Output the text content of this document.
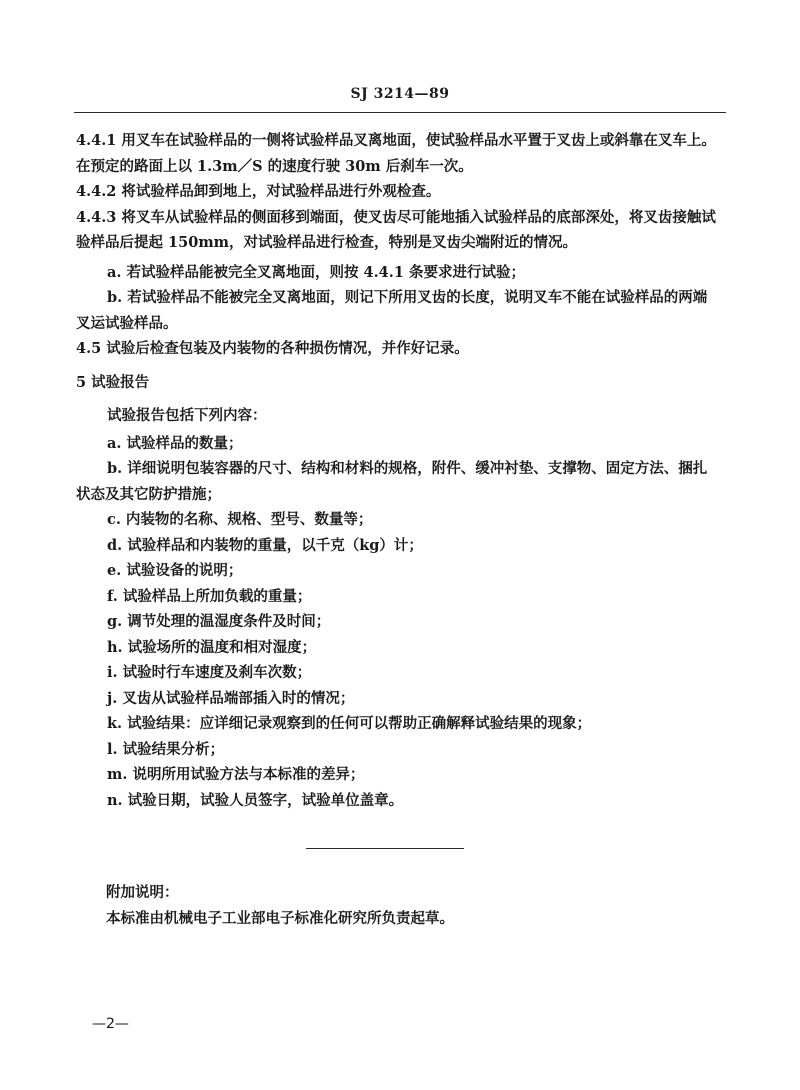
SJ 3214—89

4.4.1 用叉车在试验样品的一侧将试验样品叉离地面，使试验样品水平置于叉齿上或斜靠在叉车上。在预定的路面上以 1.3m／S 的速度行驶 30m 后刹车一次。

4.4.2 将试验样品卸到地上，对试验样品进行外观检查。

4.4.3 将叉车从试验样品的侧面移到端面，使叉齿尽可能地插入试验样品的底部深处，将叉齿接触试验样品后提起 150mm，对试验样品进行检查，特别是叉齿尖端附近的情况。

a. 若试验样品能被完全叉离地面，则按 4.4.1 条要求进行试验；

b. 若试验样品不能被完全叉离地面，则记下所用叉齿的长度，说明叉车不能在试验样品的两端叉运试验样品。

4.5 试验后检查包装及内装物的各种损伤情况，并作好记录。

5 试验报告

试验报告包括下列内容：

a. 试验样品的数量；

b. 详细说明包装容器的尺寸、结构和材料的规格，附件、缓冲衬垫、支撑物、固定方法、捆扎状态及其它防护措施；

c. 内装物的名称、规格、型号、数量等；

d. 试验样品和内装物的重量，以千克（kg）计；

e. 试验设备的说明；

f. 试验样品上所加负载的重量；

g. 调节处理的温湿度条件及时间；

h. 试验场所的温度和相对湿度；

i. 试验时行车速度及刹车次数；

j. 叉齿从试验样品端部插入时的情况；

k. 试验结果：应详细记录观察到的任何可以帮助正确解释试验结果的现象；

l. 试验结果分析；

m. 说明所用试验方法与本标准的差异；

n. 试验日期，试验人员签字，试验单位盖章。

附加说明：

本标准由机械电子工业部电子标准化研究所负责起草。

—2—
